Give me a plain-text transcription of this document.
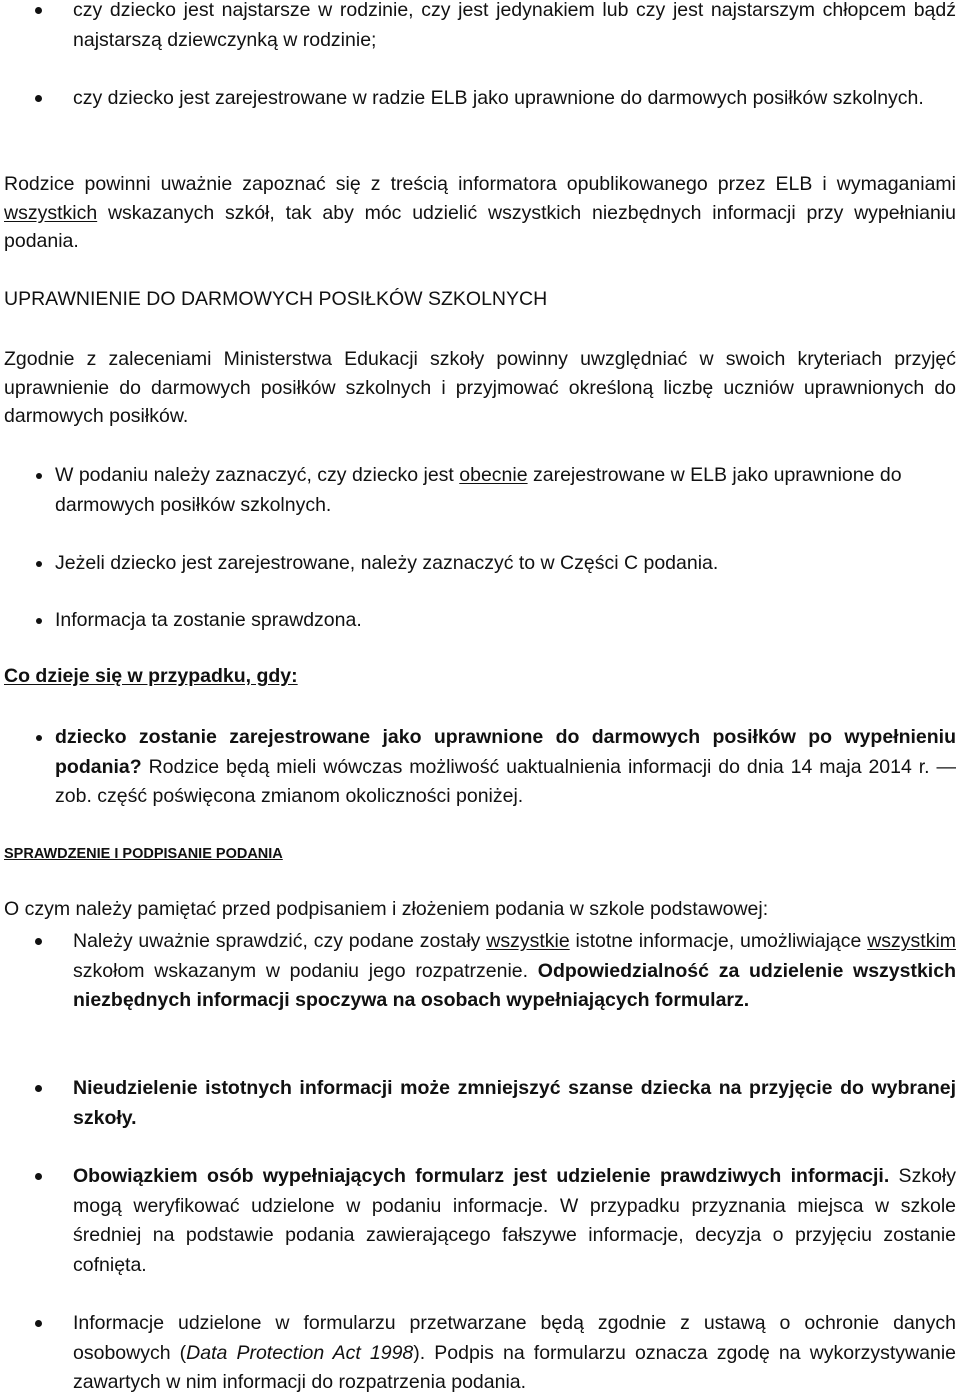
czy dziecko jest najstarsze w rodzinie, czy jest jedynakiem lub czy jest najstarszym chłopcem bądź najstarszą dziewczynką w rodzinie;
czy dziecko jest zarejestrowane w radzie ELB jako uprawnione do darmowych posiłków szkolnych.

Rodzice powinni uważnie zapoznać się z treścią informatora opublikowanego przez ELB i wymaganiami wszystkich wskazanych szkół, tak aby móc udzielić wszystkich niezbędnych informacji przy wypełnianiu podania.

UPRAWNIENIE DO DARMOWYCH POSIŁKÓW SZKOLNYCH

Zgodnie z zaleceniami Ministerstwa Edukacji szkoły powinny uwzględniać w swoich kryteriach przyjęć uprawnienie do darmowych posiłków szkolnych i przyjmować określoną liczbę uczniów uprawnionych do darmowych posiłków.

W podaniu należy zaznaczyć, czy dziecko jest obecnie zarejestrowane w ELB jako uprawnione do darmowych posiłków szkolnych.
Jeżeli dziecko jest zarejestrowane, należy zaznaczyć to w Części C podania.
Informacja ta zostanie sprawdzona.

Co dzieje się w przypadku, gdy:

dziecko zostanie zarejestrowane jako uprawnione do darmowych posiłków po wypełnieniu podania? Rodzice będą mieli wówczas możliwość uaktualnienia informacji do dnia 14 maja 2014 r. — zob. część poświęcona zmianom okoliczności poniżej.

SPRAWDZENIE I PODPISANIE PODANIA

O czym należy pamiętać przed podpisaniem i złożeniem podania w szkole podstawowej:

Należy uważnie sprawdzić, czy podane zostały wszystkie istotne informacje, umożliwiające wszystkim szkołom wskazanym w podaniu jego rozpatrzenie. Odpowiedzialność za udzielenie wszystkich niezbędnych informacji spoczywa na osobach wypełniających formularz.
Nieudzielenie istotnych informacji może zmniejszyć szanse dziecka na przyjęcie do wybranej szkoły.
Obowiązkiem osób wypełniających formularz jest udzielenie prawdziwych informacji. Szkoły mogą weryfikować udzielone w podaniu informacje. W przypadku przyznania miejsca w szkole średniej na podstawie podania zawierającego fałszywe informacje, decyzja o przyjęciu zostanie cofnięta.
Informacje udzielone w formularzu przetwarzane będą zgodnie z ustawą o ochronie danych osobowych (Data Protection Act 1998). Podpis na formularzu oznacza zgodę na wykorzystywanie zawartych w nim informacji do rozpatrzenia podania.
